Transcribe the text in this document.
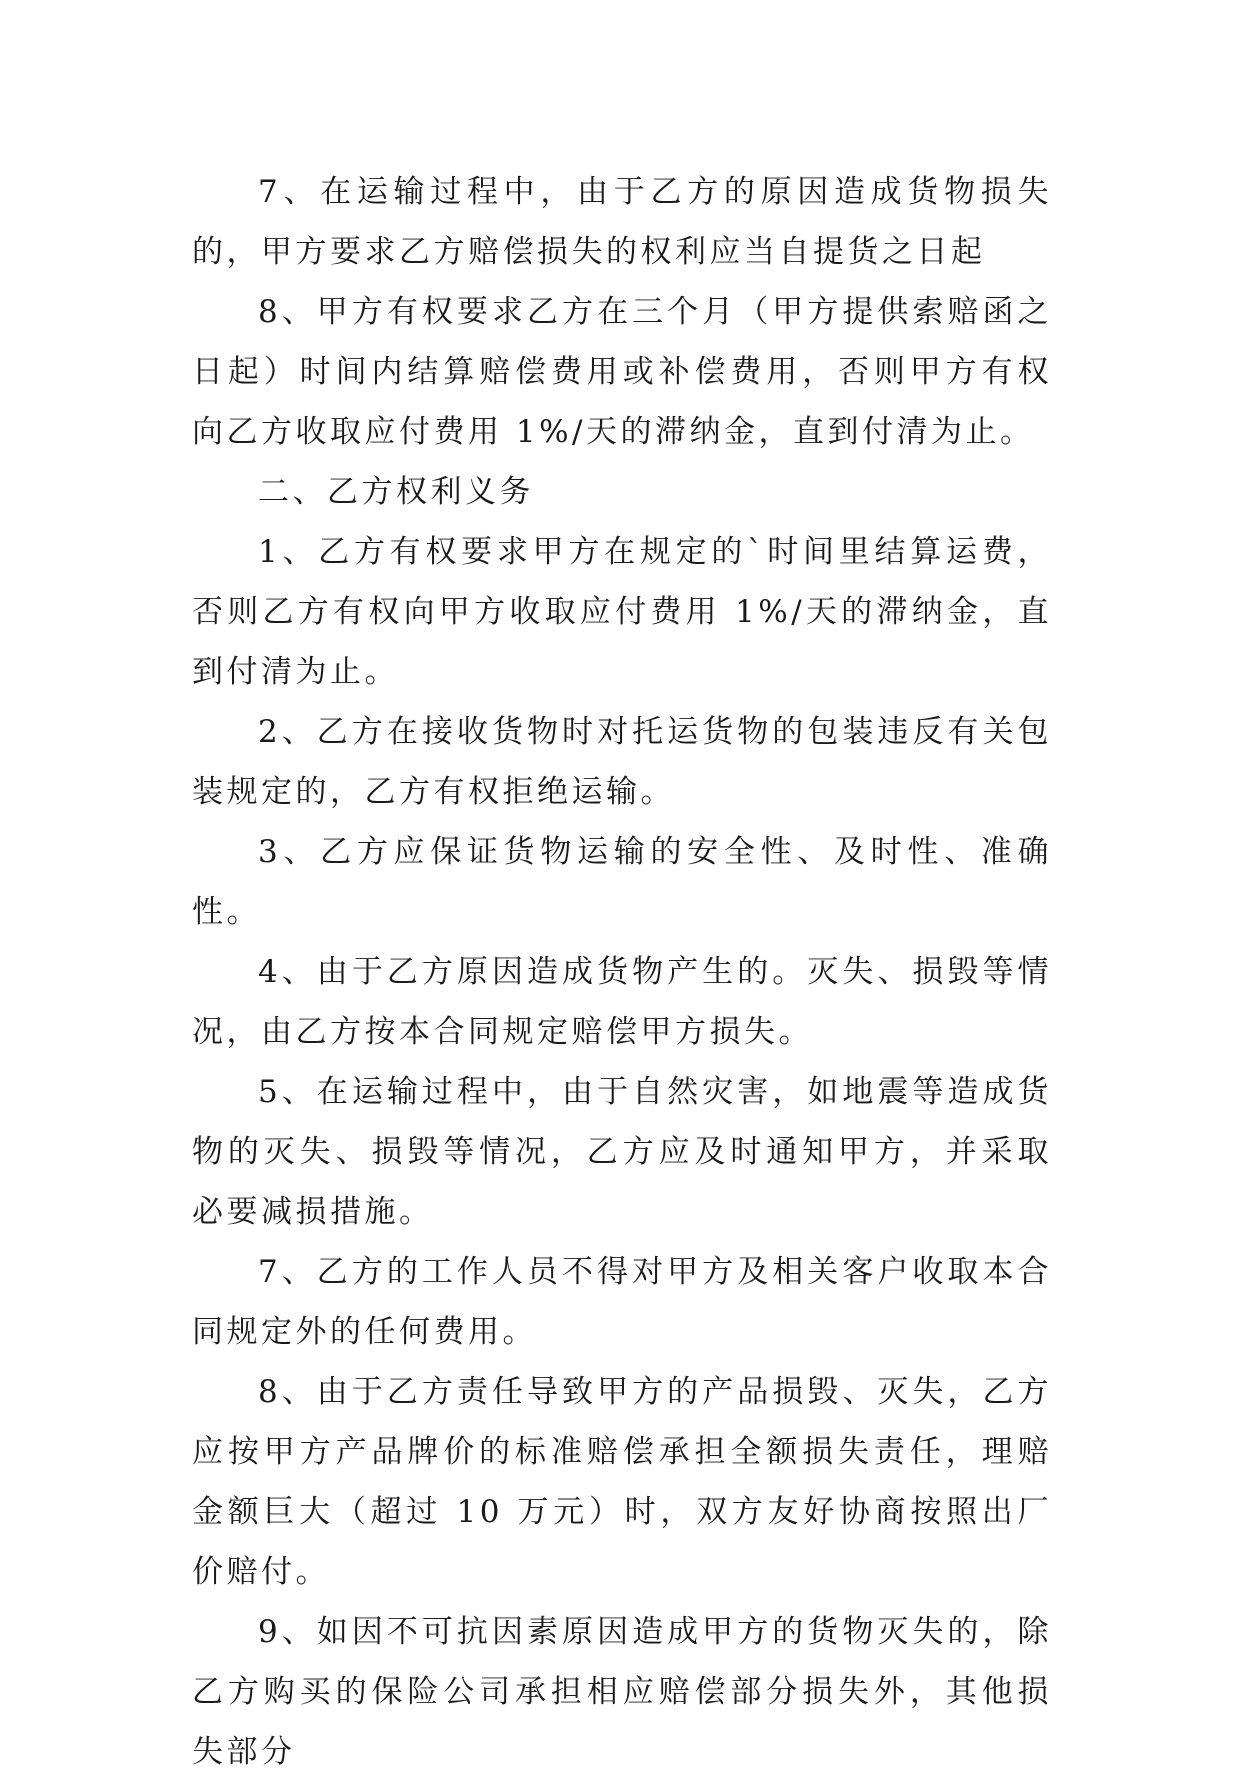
7、在运输过程中，由于乙方的原因造成货物损失的，甲方要求乙方赔偿损失的权利应当自提货之日起

8、甲方有权要求乙方在三个月（甲方提供索赔函之日起）时间内结算赔偿费用或补偿费用，否则甲方有权向乙方收取应付费用 1%/天的滞纳金，直到付清为止。

二、乙方权利义务

1、乙方有权要求甲方在规定的`时间里结算运费，否则乙方有权向甲方收取应付费用 1%/天的滞纳金，直到付清为止。

2、乙方在接收货物时对托运货物的包装违反有关包装规定的，乙方有权拒绝运输。

3、乙方应保证货物运输的安全性、及时性、准确性。

4、由于乙方原因造成货物产生的。灭失、损毁等情况，由乙方按本合同规定赔偿甲方损失。

5、在运输过程中，由于自然灾害，如地震等造成货物的灭失、损毁等情况，乙方应及时通知甲方，并采取必要减损措施。

7、乙方的工作人员不得对甲方及相关客户收取本合同规定外的任何费用。

8、由于乙方责任导致甲方的产品损毁、灭失，乙方应按甲方产品牌价的标准赔偿承担全额损失责任，理赔金额巨大（超过 10 万元）时，双方友好协商按照出厂价赔付。

9、如因不可抗因素原因造成甲方的货物灭失的，除乙方购买的保险公司承担相应赔偿部分损失外，其他损失部分
